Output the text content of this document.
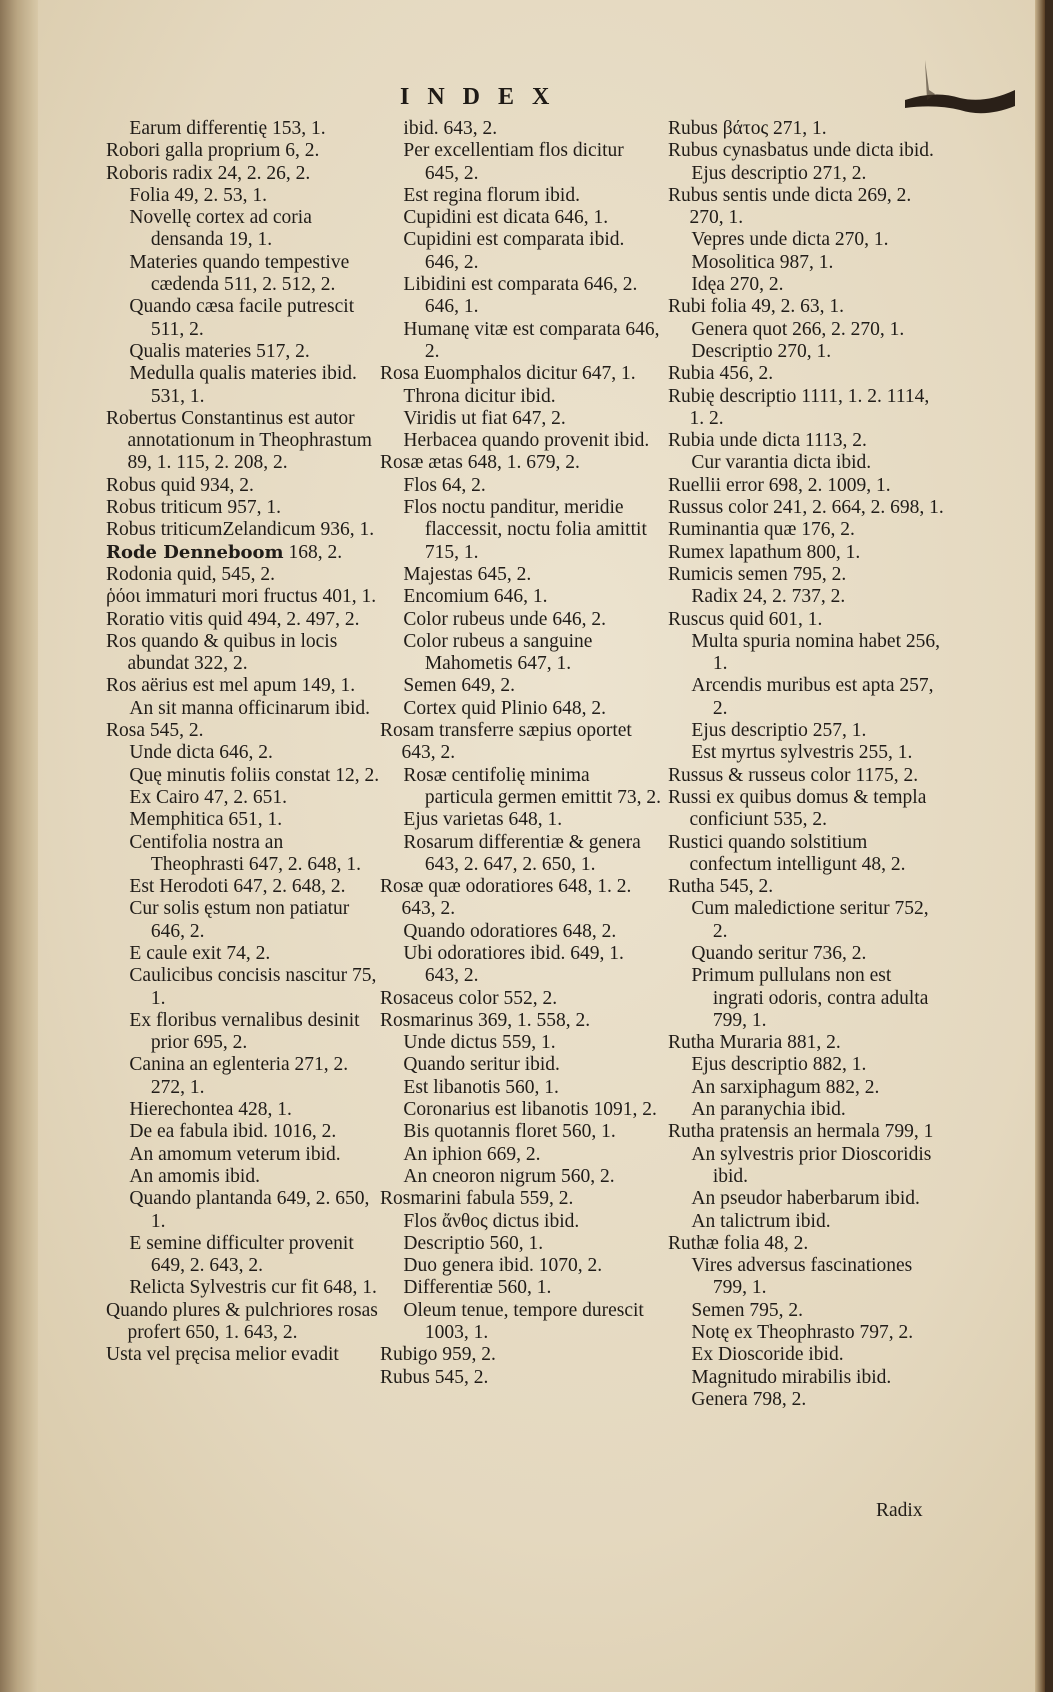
INDEX
Earum differentię 153, 1.
Robori galla proprium 6, 2.
Roboris radix 24, 2. 26, 2.
Folia 49, 2. 53, 1.
Novellę cortex ad coria densanda 19, 1.
Materies quando tempestive cædenda 511, 2. 512, 2.
Quando cæsa facile putrescit 511, 2.
Qualis materies 517, 2.
Medulla qualis materies ibid. 531, 1.
Robertus Constantinus est autor annotationum in Theophrastum 89, 1. 115, 2. 208, 2.
Robus quid 934, 2.
Robus triticum 957, 1.
Robus triticumZelandicum 936, 1.
Rode Denneboom 168, 2.
Rodonia quid, 545, 2.
ῥόοι immaturi mori fructus 401, 1.
Roratio vitis quid 494, 2. 497, 2.
Ros quando & quibus in locis abundat 322, 2.
Ros aërius est mel apum 149, 1.
An sit manna officinarum ibid.
Rosa 545, 2.
Unde dicta 646, 2.
Quę minutis foliis constat 12, 2.
Ex Cairo 47, 2. 651.
Memphitica 651, 1.
Centifolia nostra an Theophrasti 647, 2. 648, 1.
Est Herodoti 647, 2. 648, 2.
Cur solis ęstum non patiatur 646, 2.
E caule exit 74, 2.
Caulicibus concisis nascitur 75, 1.
Ex floribus vernalibus desinit prior 695, 2.
Canina an eglenteria 271, 2. 272, 1.
Hierechontea 428, 1.
De ea fabula ibid. 1016, 2.
An amomum veterum ibid.
An amomis ibid.
Quando plantanda 649, 2. 650, 1.
E semine difficulter provenit 649, 2. 643, 2.
Relicta Sylvestris cur fit 648, 1.
Quando plures & pulchriores rosas profert 650, 1. 643, 2.
Usta vel pręcisa melior evadit
ibid. 643, 2.
Per excellentiam flos dicitur 645, 2.
Est regina florum ibid.
Cupidini est dicata 646, 1.
Cupidini est comparata ibid. 646, 2.
Libidini est comparata 646, 2. 646, 1.
Humanę vitæ est comparata 646, 2.
Rosa Euomphalos dicitur 647, 1.
Throna dicitur ibid.
Viridis ut fiat 647, 2.
Herbacea quando provenit ibid.
Rosæ ætas 648, 1. 679, 2.
Flos 64, 2.
Flos noctu panditur, meridie flaccessit, noctu folia amittit 715, 1.
Majestas 645, 2.
Encomium 646, 1.
Color rubeus unde 646, 2.
Color rubeus a sanguine Mahometis 647, 1.
Semen 649, 2.
Cortex quid Plinio 648, 2.
Rosam transferre sæpius oportet 643, 2.
Rosæ centifolię minima particula germen emittit 73, 2.
Ejus varietas 648, 1.
Rosarum differentiæ & genera 643, 2. 647, 2. 650, 1.
Rosæ quæ odoratiores 648, 1. 2. 643, 2.
Quando odoratiores 648, 2.
Ubi odoratiores ibid. 649, 1. 643, 2.
Rosaceus color 552, 2.
Rosmarinus 369, 1. 558, 2.
Unde dictus 559, 1.
Quando seritur ibid.
Est libanotis 560, 1.
Coronarius est libanotis 1091, 2.
Bis quotannis floret 560, 1.
An iphion 669, 2.
An cneoron nigrum 560, 2.
Rosmarini fabula 559, 2.
Flos ἄνθος dictus ibid.
Descriptio 560, 1.
Duo genera ibid. 1070, 2.
Differentiæ 560, 1.
Oleum tenue, tempore durescit 1003, 1.
Rubigo 959, 2.
Rubus 545, 2.
Rubus βάτος 271, 1.
Rubus cynasbatus unde dicta ibid.
Ejus descriptio 271, 2.
Rubus sentis unde dicta 269, 2. 270, 1.
Vepres unde dicta 270, 1.
Mosolitica 987, 1.
Idęa 270, 2.
Rubi folia 49, 2. 63, 1.
Genera quot 266, 2. 270, 1.
Descriptio 270, 1.
Rubia 456, 2.
Rubię descriptio 1111, 1. 2. 1114, 1. 2.
Rubia unde dicta 1113, 2.
Cur varantia dicta ibid.
Ruellii error 698, 2. 1009, 1.
Russus color 241, 2. 664, 2. 698, 1.
Ruminantia quæ 176, 2.
Rumex lapathum 800, 1.
Rumicis semen 795, 2.
Radix 24, 2. 737, 2.
Ruscus quid 601, 1.
Multa spuria nomina habet 256, 1.
Arcendis muribus est apta 257, 2.
Ejus descriptio 257, 1.
Est myrtus sylvestris 255, 1.
Russus & russeus color 1175, 2.
Russi ex quibus domus & templa conficiunt 535, 2.
Rustici quando solstitium confectum intelligunt 48, 2.
Rutha 545, 2.
Cum maledictione seritur 752, 2.
Quando seritur 736, 2.
Primum pullulans non est ingrati odoris, contra adulta 799, 1.
Rutha Muraria 881, 2.
Ejus descriptio 882, 1.
An sarxiphagum 882, 2.
An paranychia ibid.
Rutha pratensis an hermala 799, 1
An sylvestris prior Dioscoridis ibid.
An pseudor haberbarum ibid.
An talictrum ibid.
Ruthæ folia 48, 2.
Vires adversus fascinationes 799, 1.
Semen 795, 2.
Notę ex Theophrasto 797, 2.
Ex Dioscoride ibid.
Magnitudo mirabilis ibid.
Genera 798, 2.
Radix
